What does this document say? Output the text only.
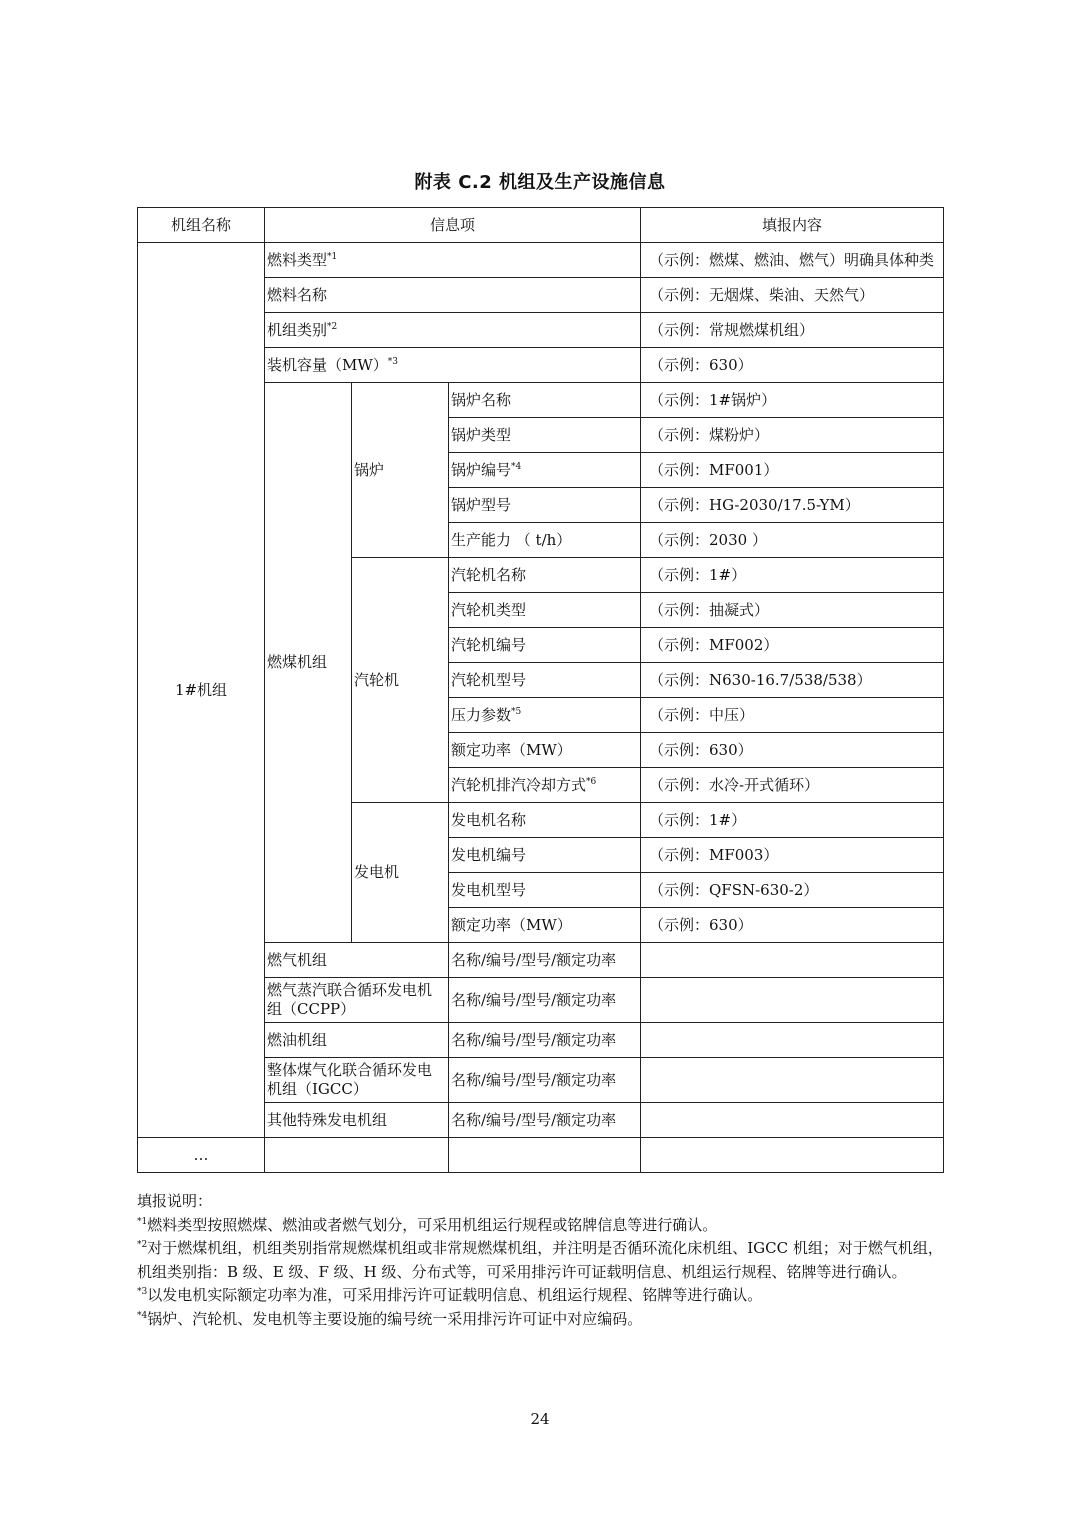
附表 C.2 机组及生产设施信息
机组名称	信息项			填报内容
1#机组	燃料类型$^{*1}$			（示例：燃煤、燃油、燃气）明确具体种类
	燃料名称			（示例：无烟煤、柴油、天然气）
	机组类别$^{*2}$			（示例：常规燃煤机组）
	装机容量（MW）$^{*3}$			（示例：630）
	燃煤机组	锅炉	锅炉名称	（示例：1#锅炉）
			锅炉类型	（示例：煤粉炉）
			锅炉编号$^{*4}$	（示例：MF001）
			锅炉型号	（示例：HG-2030/17.5-YM）
			生产能力 （ t/h）	（示例：2030 ）
		汽轮机	汽轮机名称	（示例：1#）
			汽轮机类型	（示例：抽凝式）
			汽轮机编号	（示例：MF002）
			汽轮机型号	（示例：N630-16.7/538/538）
			压力参数$^{*5}$	（示例：中压）
			额定功率（MW）	（示例：630）
			汽轮机排汽冷却方式$^{*6}$	（示例：水冷-开式循环）
		发电机	发电机名称	（示例：1#）
			发电机编号	（示例：MF003）
			发电机型号	（示例：QFSN-630-2）
			额定功率（MW）	（示例：630）
	燃气机组		名称/编号/型号/额定功率	
	燃气蒸汽联合循环发电机组（CCPP）		名称/编号/型号/额定功率	
	燃油机组		名称/编号/型号/额定功率	
	整体煤气化联合循环发电机组（IGCC）		名称/编号/型号/额定功率	
	其他特殊发电机组		名称/编号/型号/额定功率	
…				

填报说明：

$^{*1}$燃料类型按照燃煤、燃油或者燃气划分，可采用机组运行规程或铭牌信息等进行确认。

$^{*2}$对于燃煤机组，机组类别指常规燃煤机组或非常规燃煤机组，并注明是否循环流化床机组、IGCC 机组；对于燃气机组，机组类别指：B 级、E 级、F 级、H 级、分布式等，可采用排污许可证载明信息、机组运行规程、铭牌等进行确认。

$^{*3}$以发电机实际额定功率为准，可采用排污许可证载明信息、机组运行规程、铭牌等进行确认。

$^{*4}$锅炉、汽轮机、发电机等主要设施的编号统一采用排污许可证中对应编码。

24
